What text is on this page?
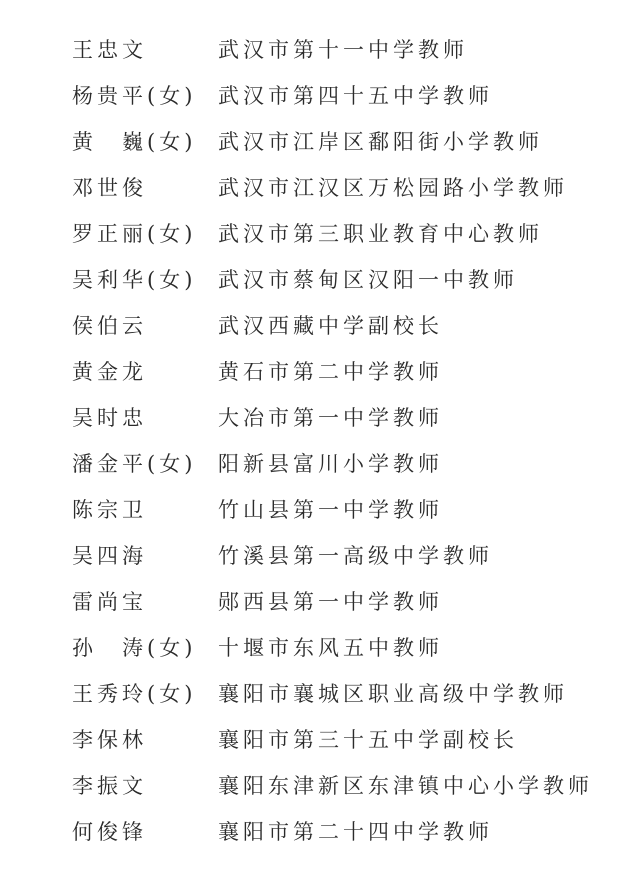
王忠文	武汉市第十一中学教师
杨贵平(女)	武汉市第四十五中学教师
黄　巍(女)	武汉市江岸区鄱阳街小学教师
邓世俊	武汉市江汉区万松园路小学教师
罗正丽(女)	武汉市第三职业教育中心教师
吴利华(女)	武汉市蔡甸区汉阳一中教师
侯伯云	武汉西藏中学副校长
黄金龙	黄石市第二中学教师
吴时忠	大冶市第一中学教师
潘金平(女)	阳新县富川小学教师
陈宗卫	竹山县第一中学教师
吴四海	竹溪县第一高级中学教师
雷尚宝	郧西县第一中学教师
孙　涛(女)	十堰市东风五中教师
王秀玲(女)	襄阳市襄城区职业高级中学教师
李保林	襄阳市第三十五中学副校长
李振文	襄阳东津新区东津镇中心小学教师
何俊锋	襄阳市第二十四中学教师
